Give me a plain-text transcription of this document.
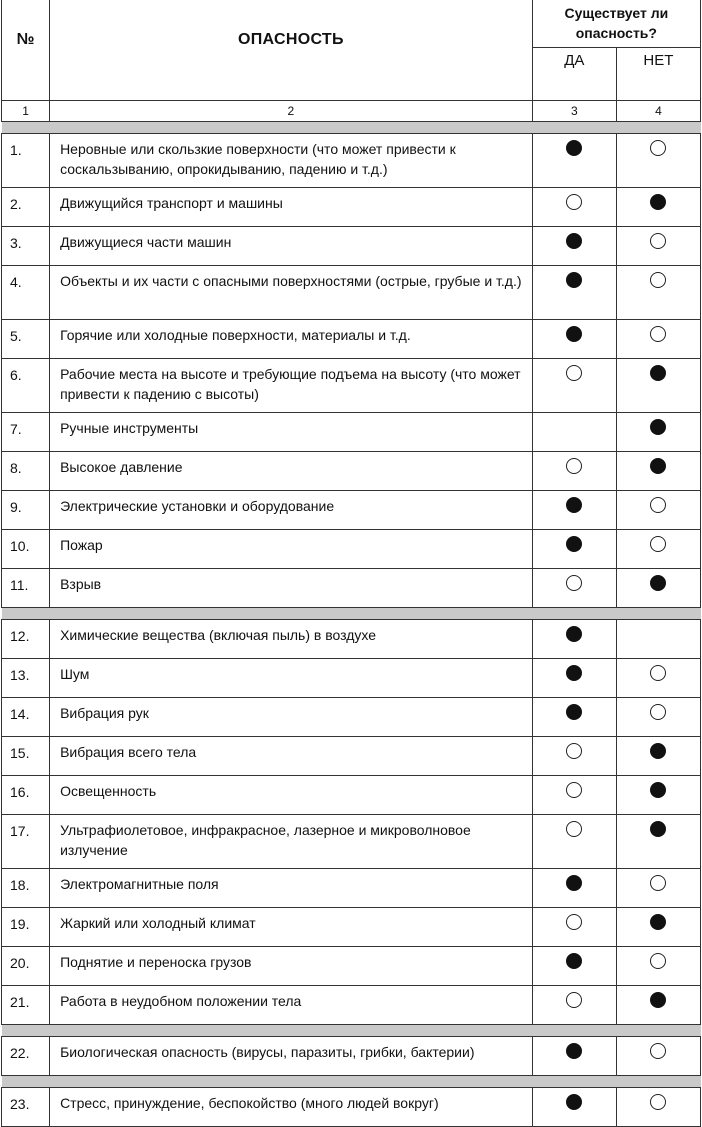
№	ОПАСНОСТЬ	Существует ли опасность?	
		ДА	НЕТ
1	2	3	4

1.	Неровные или скользкие поверхности (что может привести к соскальзыванию, опрокидыванию, падению и т.д.)		
2.	Движущийся транспорт и машины		
3.	Движущиеся части машин		
4.	Объекты и их части с опасными поверхностями (острые, грубые и т.д.)		
5.	Горячие или холодные поверхности, материалы и т.д.		
6.	Рабочие места на высоте и требующие подъема на высоту (что может привести к падению с высоты)		
7.	Ручные инструменты		
8.	Высокое давление		
9.	Электрические установки и оборудование		
10.	Пожар		
11.	Взрыв		

12.	Химические вещества (включая пыль) в воздухе		
13.	Шум		
14.	Вибрация рук		
15.	Вибрация всего тела		
16.	Освещенность		
17.	Ультрафиолетовое, инфракрасное, лазерное и микроволновое излучение		
18.	Электромагнитные поля		
19.	Жаркий или холодный климат		
20.	Поднятие и переноска грузов		
21.	Работа в неудобном положении тела		

22.	Биологическая опасность (вирусы, паразиты, грибки, бактерии)		

23.	Стресс, принуждение, беспокойство (много людей вокруг)		
